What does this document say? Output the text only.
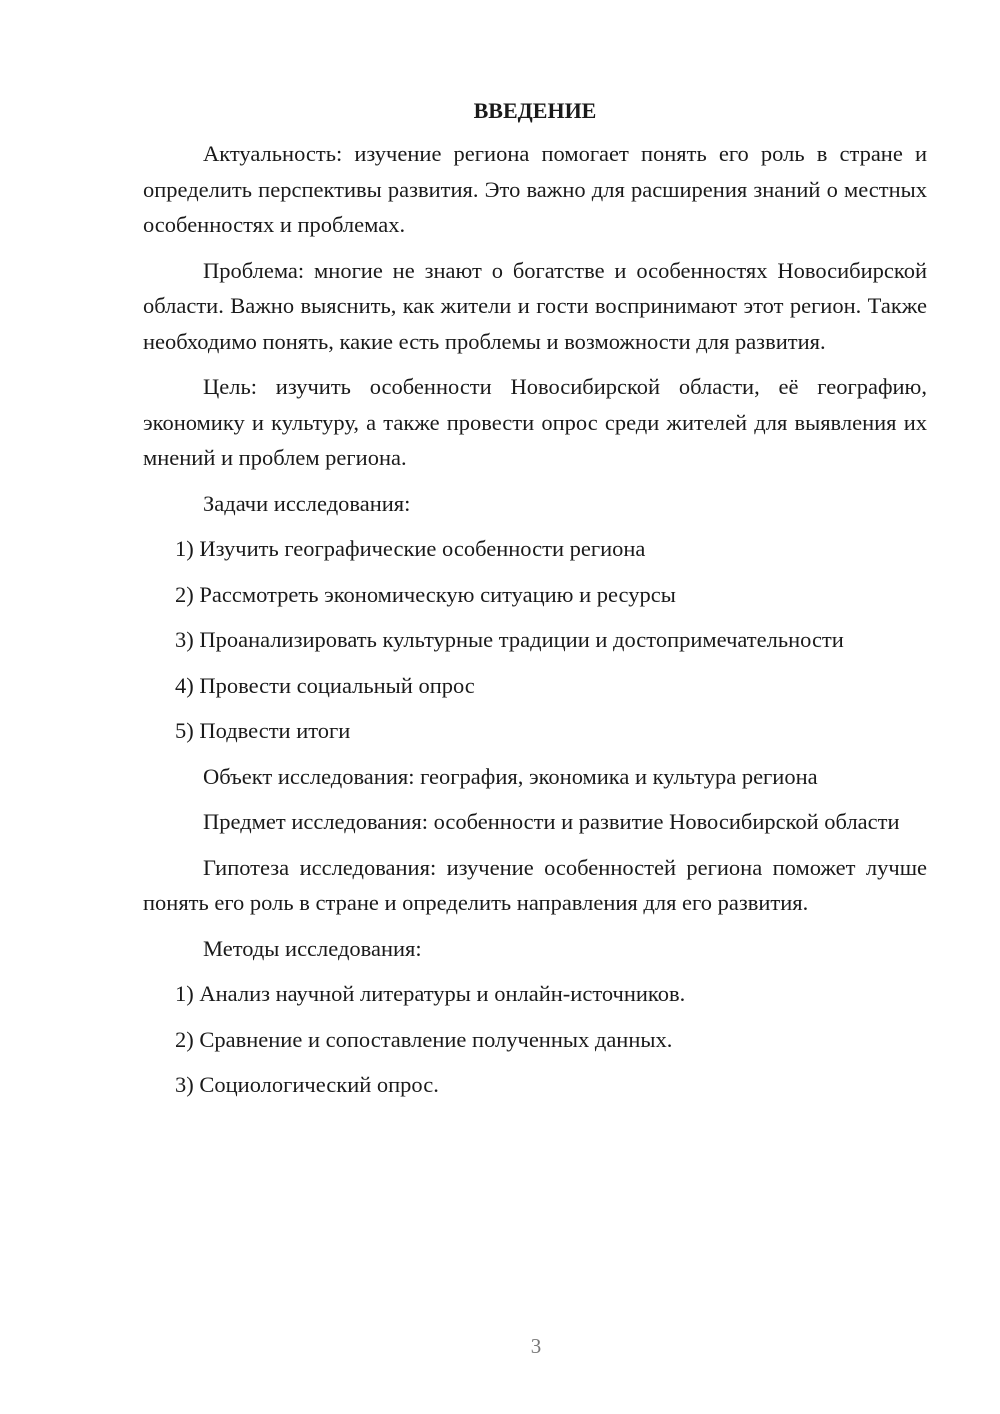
ВВЕДЕНИЕ

Актуальность: изучение региона помогает понять его роль в стране и определить перспективы развития. Это важно для расширения знаний о местных особенностях и проблемах.

Проблема: многие не знают о богатстве и особенностях Новосибирской области. Важно выяснить, как жители и гости воспринимают этот регион. Также необходимо понять, какие есть проблемы и возможности для развития.

Цель: изучить особенности Новосибирской области, её географию, экономику и культуру, а также провести опрос среди жителей для выявления их мнений и проблем региона.

Задачи исследования:

1) Изучить географические особенности региона
2) Рассмотреть экономическую ситуацию и ресурсы
3) Проанализировать культурные традиции и достопримечательности
4) Провести социальный опрос
5) Подвести итоги

Объект исследования: география, экономика и культура региона

Предмет исследования: особенности и развитие Новосибирской области

Гипотеза исследования: изучение особенностей региона поможет лучше понять его роль в стране и определить направления для его развития.

Методы исследования:

1) Анализ научной литературы и онлайн-источников.
2) Сравнение и сопоставление полученных данных.
3) Социологический опрос.
3
